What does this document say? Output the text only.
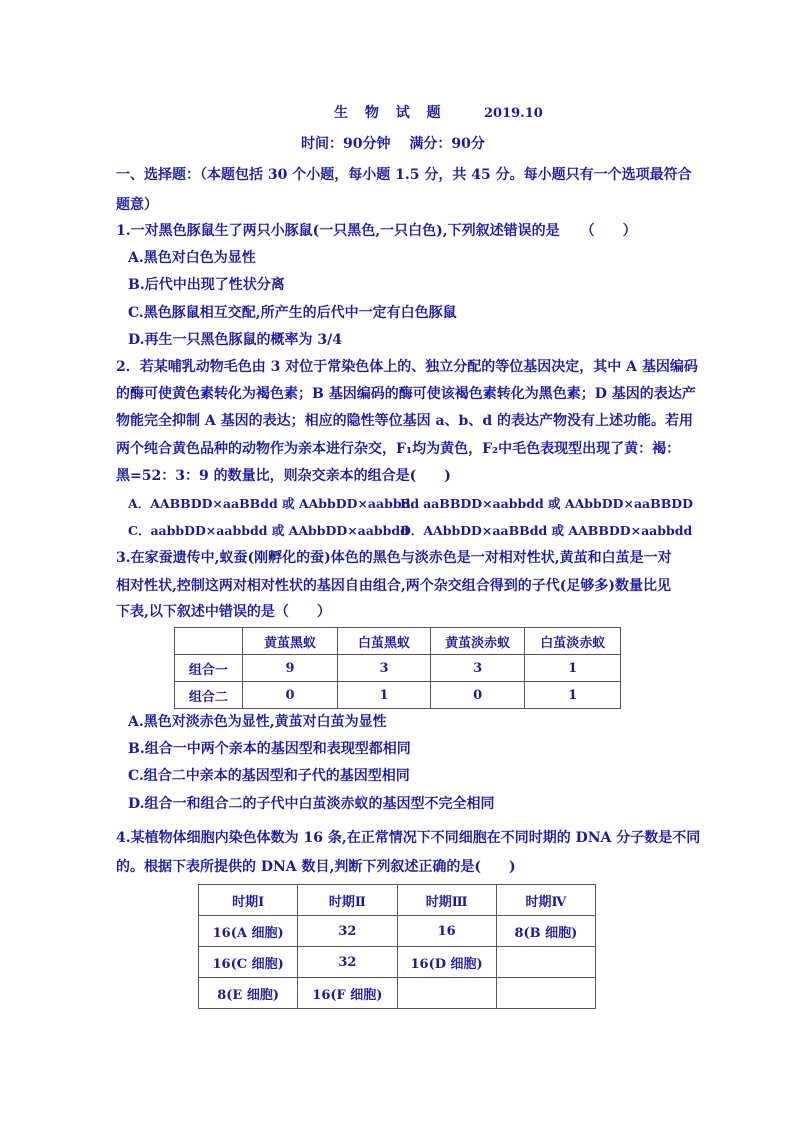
生 物 试 题	2019.10
时间：90分钟　 满分：90分
一、选择题：（本题包括 30 个小题，每小题 1.5 分，共 45 分。每小题只有一个选项最符合
题意）
1.一对黑色豚鼠生了两只小豚鼠(一只黑色,一只白色),下列叙述错误的是　　（　　）
A.黑色对白色为显性
B.后代中出现了性状分离
C.黑色豚鼠相互交配,所产生的后代中一定有白色豚鼠
D.再生一只黑色豚鼠的概率为 3/4
2．若某哺乳动物毛色由 3 对位于常染色体上的、独立分配的等位基因决定，其中 A 基因编码
的酶可使黄色素转化为褐色素；B 基因编码的酶可使该褐色素转化为黑色素；D 基因的表达产
物能完全抑制 A 基因的表达；相应的隐性等位基因 a、b、d 的表达产物没有上述功能。若用
两个纯合黄色品种的动物作为亲本进行杂交，F₁均为黄色，F₂中毛色表现型出现了黄：褐：
黑=52：3：9 的数量比，则杂交亲本的组合是(　　)
A．AABBDD×aaBBdd 或 AAbbDD×aabbdd
B．aaBBDD×aabbdd 或 AAbbDD×aaBBDD
C．aabbDD×aabbdd 或 AAbbDD×aabbdd
D．AAbbDD×aaBBdd 或 AABBDD×aabbdd
3.在家蚕遗传中,蚁蚕(刚孵化的蚕)体色的黑色与淡赤色是一对相对性状,黄茧和白茧是一对
相对性状,控制这两对相对性状的基因自由组合,两个杂交组合得到的子代(足够多)数量比见
下表,以下叙述中错误的是（　　）
	黄茧黑蚁	白茧黑蚁	黄茧淡赤蚁	白茧淡赤蚁
组合一	9	3	3	1
组合二	0	1	0	1
A.黑色对淡赤色为显性,黄茧对白茧为显性
B.组合一中两个亲本的基因型和表现型都相同
C.组合二中亲本的基因型和子代的基因型相同
D.组合一和组合二的子代中白茧淡赤蚁的基因型不完全相同
4.某植物体细胞内染色体数为 16 条,在正常情况下不同细胞在不同时期的 DNA 分子数是不同
的。根据下表所提供的 DNA 数目,判断下列叙述正确的是(　　)
时期Ⅰ	时期Ⅱ	时期Ⅲ	时期Ⅳ
16(A 细胞)	32	16	8(B 细胞)
16(C 细胞)	32	16(D 细胞)	
8(E 细胞)	16(F 细胞)		
